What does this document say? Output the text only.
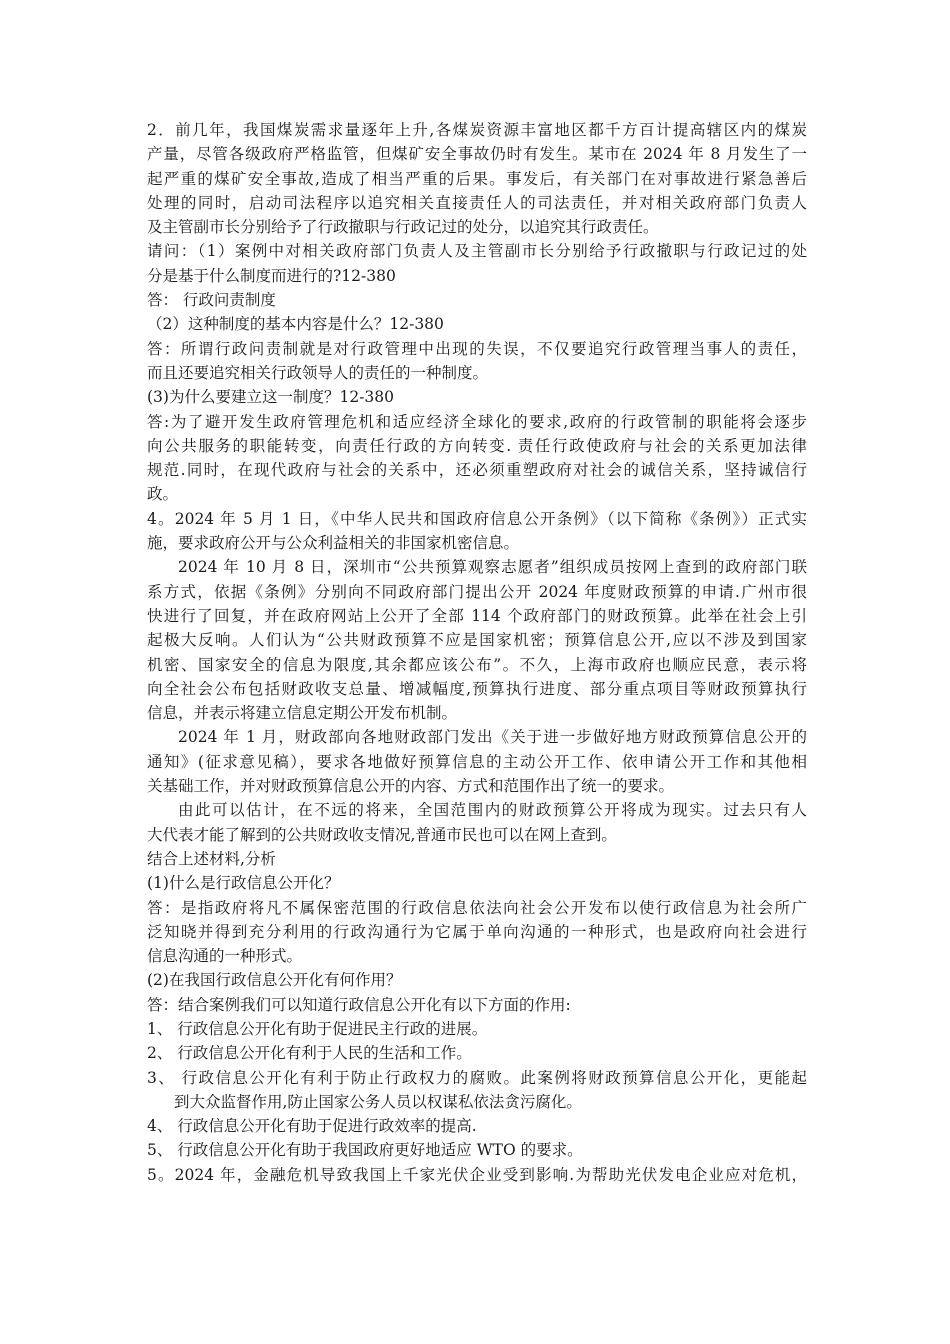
2．前几年，我国煤炭需求量逐年上升,各煤炭资源丰富地区都千方百计提高辖区内的煤炭
产量，尽管各级政府严格监管，但煤矿安全事故仍时有发生。某市在 2024 年 8 月发生了一
起严重的煤矿安全事故,造成了相当严重的后果。事发后，有关部门在对事故进行紧急善后
处理的同时，启动司法程序以追究相关直接责任人的司法责任，并对相关政府部门负责人
及主管副市长分别给予了行政撤职与行政记过的处分，以追究其行政责任。
请问：（1）案例中对相关政府部门负责人及主管副市长分别给予行政撤职与行政记过的处
分是基于什么制度而进行的?12-380
答： 行政问责制度
（2）这种制度的基本内容是什么？12-380
答：所谓行政问责制就是对行政管理中出现的失误，不仅要追究行政管理当事人的责任，
而且还要追究相关行政领导人的责任的一种制度。
(3)为什么要建立这一制度？12-380
答:为了避开发生政府管理危机和适应经济全球化的要求,政府的行政管制的职能将会逐步
向公共服务的职能转变，向责任行政的方向转变. 责任行政使政府与社会的关系更加法律
规范.同时，在现代政府与社会的关系中，还必须重塑政府对社会的诚信关系，坚持诚信行
政。
4。2024 年 5 月 1 日，《中华人民共和国政府信息公开条例》（以下简称《条例》）正式实
施，要求政府公开与公众利益相关的非国家机密信息。
2024 年 10 月 8 日，深圳市“公共预算观察志愿者”组织成员按网上查到的政府部门联
系方式，依据《条例》分别向不同政府部门提出公开 2024 年度财政预算的申请.广州市很
快进行了回复，并在政府网站上公开了全部 114 个政府部门的财政预算。此举在社会上引
起极大反响。人们认为“公共财政预算不应是国家机密；预算信息公开,应以不涉及到国家
机密、国家安全的信息为限度,其余都应该公布”。不久，上海市政府也顺应民意，表示将
向全社会公布包括财政收支总量、增减幅度,预算执行进度、部分重点项目等财政预算执行
信息，并表示将建立信息定期公开发布机制。
2024 年 1 月，财政部向各地财政部门发出《关于进一步做好地方财政预算信息公开的
通知》(征求意见稿），要求各地做好预算信息的主动公开工作、依申请公开工作和其他相
关基础工作，并对财政预算信息公开的内容、方式和范围作出了统一的要求。
由此可以估计，在不远的将来，全国范围内的财政预算公开将成为现实。过去只有人
大代表才能了解到的公共财政收支情况,普通市民也可以在网上查到。
结合上述材料,分析
(1)什么是行政信息公开化？
答：是指政府将凡不属保密范围的行政信息依法向社会公开发布以使行政信息为社会所广
泛知晓并得到充分利用的行政沟通行为它属于单向沟通的一种形式，也是政府向社会进行
信息沟通的一种形式。
(2)在我国行政信息公开化有何作用？
答：结合案例我们可以知道行政信息公开化有以下方面的作用:
1、 行政信息公开化有助于促进民主行政的进展。
2、 行政信息公开化有利于人民的生活和工作。
3、 行政信息公开化有利于防止行政权力的腐败。此案例将财政预算信息公开化，更能起
到大众监督作用,防止国家公务人员以权谋私依法贪污腐化。
4、 行政信息公开化有助于促进行政效率的提高.
5、 行政信息公开化有助于我国政府更好地适应 WTO 的要求。
5。2024 年，金融危机导致我国上千家光伏企业受到影响.为帮助光伏发电企业应对危机，
